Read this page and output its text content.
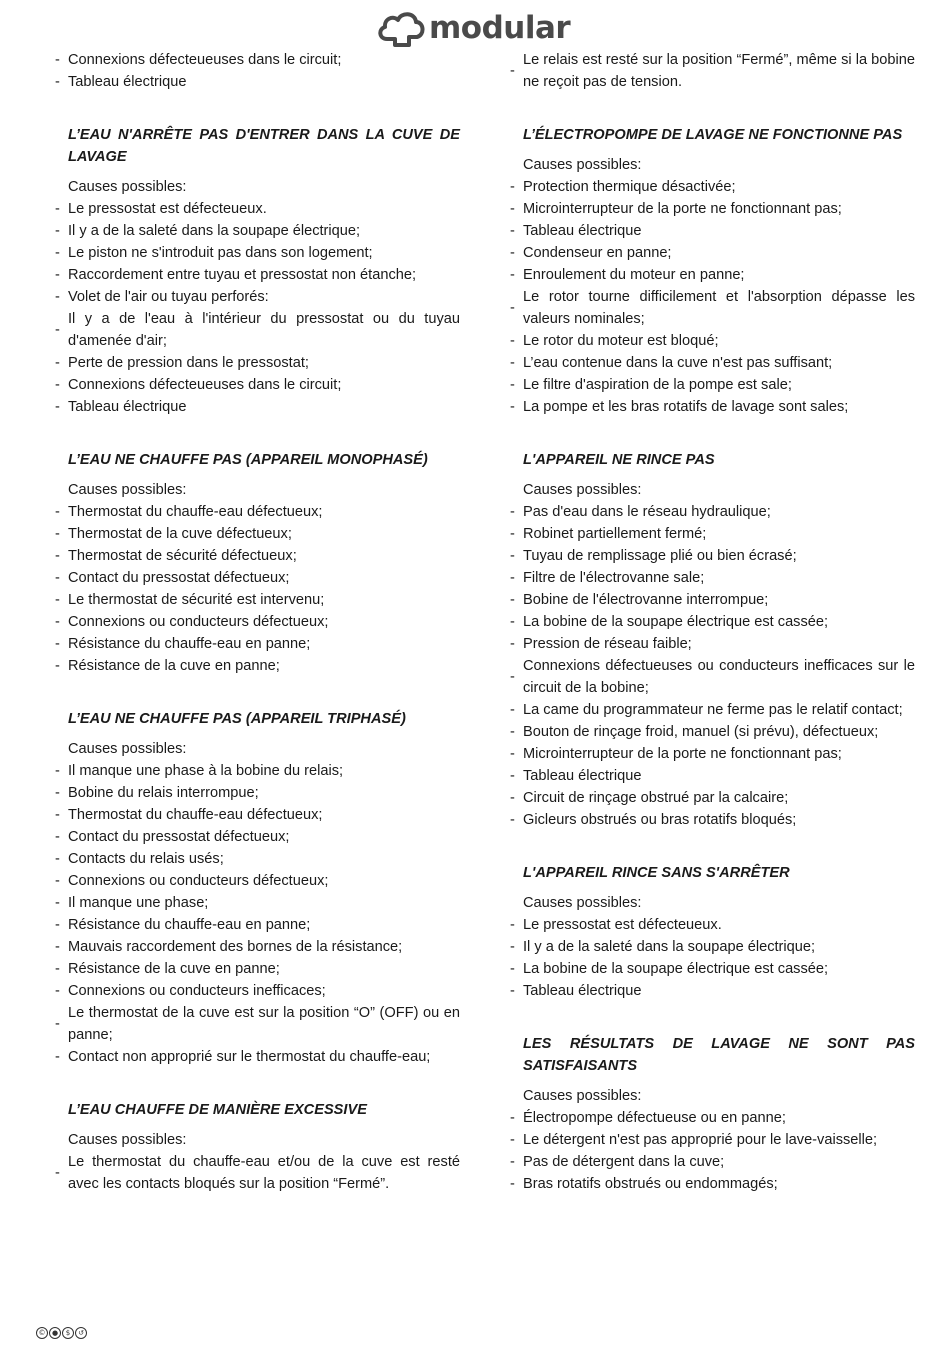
modular
- Connexions défecteueuses dans le circuit;
- Tableau électrique
L’EAU N'ARRÊTE PAS D'ENTRER DANS LA CUVE DE LAVAGE

Causes possibles:

- Le pressostat est défecteueux.
- Il y a de la saleté dans la soupape électrique;
- Le piston ne s'introduit pas dans son logement;
- Raccordement entre tuyau et pressostat non étanche;
- Volet de l'air ou tuyau perforés:
-
Il y a de l'eau à l'intérieur du pressostat ou du tuyau d'amenée d'air;
- Perte de pression dans le pressostat;
- Connexions défecteueuses dans le circuit;
- Tableau électrique
L’EAU NE CHAUFFE PAS (APPAREIL MONOPHASÉ)

Causes possibles:

- Thermostat du chauffe-eau défectueux;
- Thermostat de la cuve défectueux;
- Thermostat de sécurité défectueux;
- Contact du pressostat défectueux;
- Le thermostat de sécurité est intervenu;
- Connexions ou conducteurs défectueux;
- Résistance du chauffe-eau en panne;
- Résistance de la cuve en panne;
L’EAU NE CHAUFFE PAS (APPAREIL TRIPHASÉ)

Causes possibles:

- Il manque une phase à la bobine du relais;
- Bobine du relais interrompue;
- Thermostat du chauffe-eau défectueux;
- Contact du pressostat défectueux;
- Contacts du relais usés;
- Connexions ou conducteurs défectueux;
- Il manque une phase;
- Résistance du chauffe-eau en panne;
- Mauvais raccordement des bornes de la résistance;
- Résistance de la cuve en panne;
- Connexions ou conducteurs inefficaces;
-
Le thermostat de la cuve est sur la position “O” (OFF) ou en panne;
- Contact non approprié sur le thermostat du chauffe-eau;
L’EAU CHAUFFE DE MANIÈRE EXCESSIVE

Causes possibles:

-
Le thermostat du chauffe-eau et/ou de la cuve est resté avec les contacts bloqués sur la position “Fermé”.
-
Le relais est resté sur la position “Fermé”, même si la bobine ne reçoit pas de tension.
L’ÉLECTROPOMPE DE LAVAGE NE FONCTIONNE PAS

Causes possibles:

- Protection thermique désactivée;
- Microinterrupteur de la porte ne fonctionnant pas;
- Tableau électrique
- Condenseur en panne;
- Enroulement du moteur en panne;
-
Le rotor tourne difficilement et l'absorption dépasse les valeurs nominales;
- Le rotor du moteur est bloqué;
- L’eau contenue dans la cuve n'est pas suffisant;
- Le filtre d'aspiration de la pompe est sale;
- La pompe et les bras rotatifs de lavage sont sales;
L'APPAREIL NE RINCE PAS

Causes possibles:

- Pas d'eau dans le réseau hydraulique;
- Robinet partiellement fermé;
- Tuyau de remplissage plié ou bien écrasé;
- Filtre de l'électrovanne sale;
- Bobine de l'électrovanne interrompue;
- La bobine de la soupape électrique est cassée;
- Pression de réseau faible;
-
Connexions défectueuses ou conducteurs inefficaces sur le circuit de la bobine;
- La came du programmateur ne ferme pas le relatif contact;
- Bouton de rinçage froid, manuel (si prévu), défectueux;
- Microinterrupteur de la porte ne fonctionnant pas;
- Tableau électrique
- Circuit de rinçage obstrué par la calcaire;
- Gicleurs obstrués ou bras rotatifs bloqués;
L'APPAREIL RINCE SANS S'ARRÊTER

Causes possibles:

- Le pressostat est défecteueux.
- Il y a de la saleté dans la soupape électrique;
- La bobine de la soupape électrique est cassée;
- Tableau électrique
LES RÉSULTATS DE LAVAGE NE SONT PAS SATISFAISANTS

Causes possibles:

- Électropompe défectueuse ou en panne;
- Le détergent n'est pas approprié pour le lave-vaisselle;
- Pas de détergent dans la cuve;
- Bras rotatifs obstrués ou endommagés;
© ●	$	↺
